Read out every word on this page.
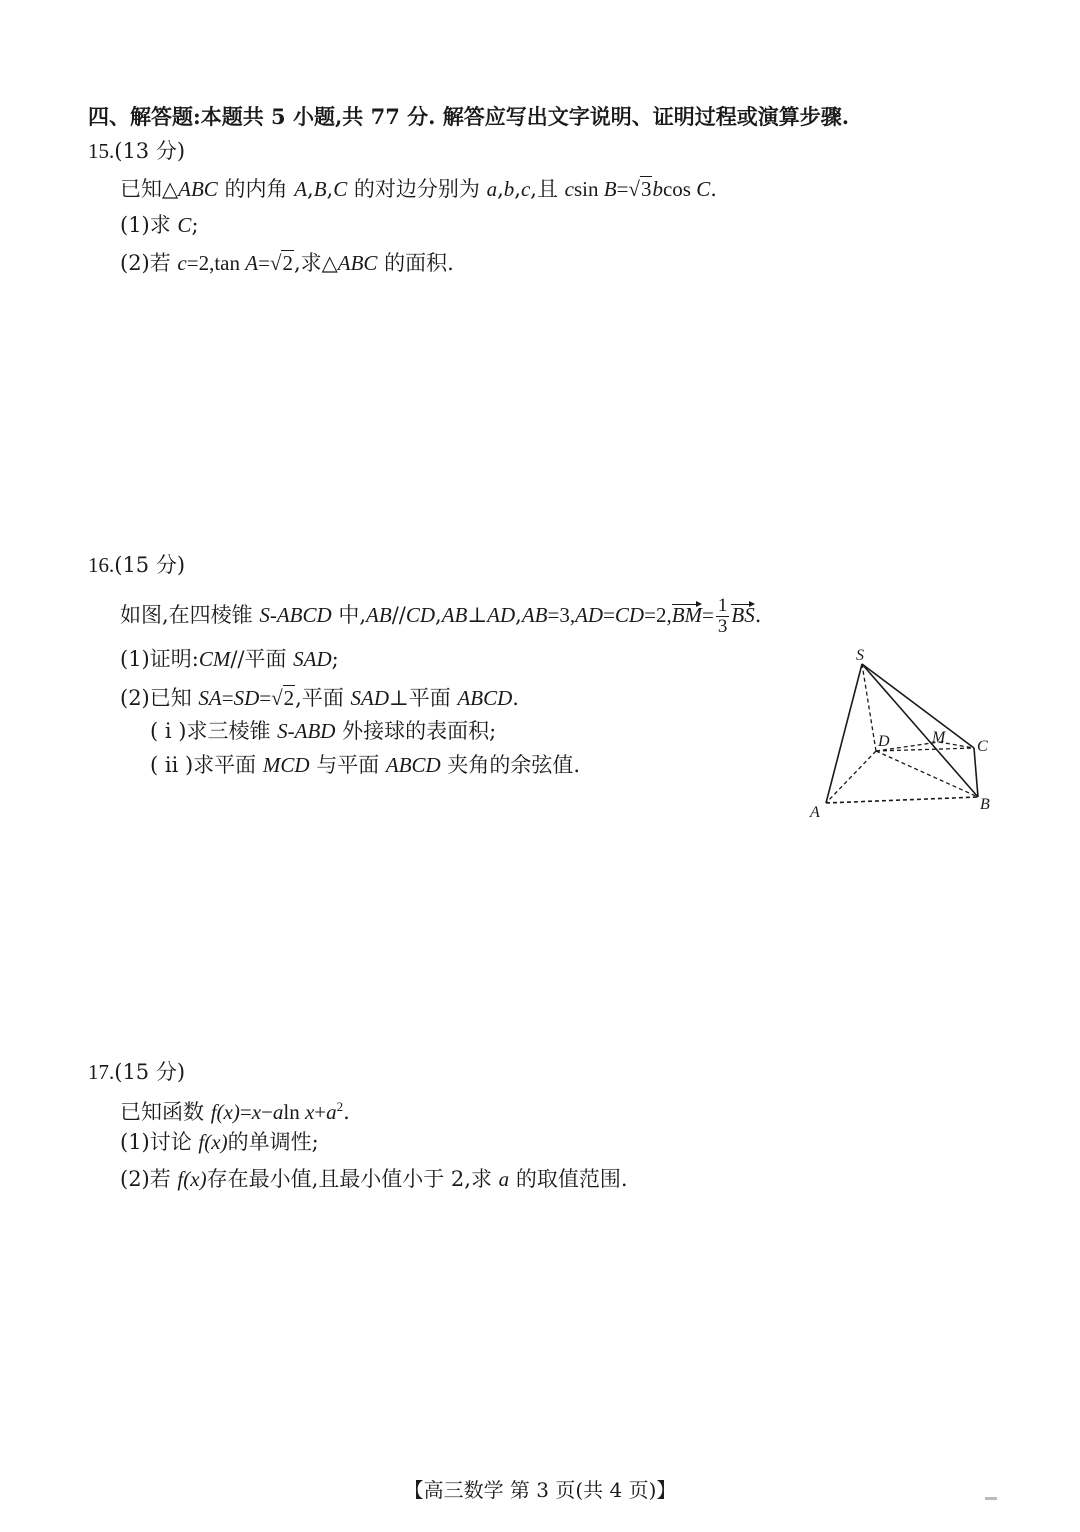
四、解答题:本题共 5 小题,共 77 分. 解答应写出文字说明、证明过程或演算步骤.
15.(13 分)
已知△ABC 的内角 A,B,C 的对边分别为 a,b,c,且 csin B=√3bcos C.
(1)求 C;
(2)若 c=2,tan A=√2,求△ABC 的面积.
16.(15 分)
如图,在四棱锥 S-ABCD 中,AB//CD,AB⊥AD,AB=3,AD=CD=2,BM= $\frac{1}{3}$ BS.
(1)证明:CM//平面 SAD;
(2)已知 SA=SD=√2,平面 SAD⊥平面 ABCD.
( ⅰ )求三棱锥 S-ABD 外接球的表面积;
( ⅱ )求平面 MCD 与平面 ABCD 夹角的余弦值.
S
D	M
C
A	B
17.(15 分)
已知函数 f(x)=x−aln $x+a^2$.
(1)讨论 f(x)的单调性;
(2)若 f(x)存在最小值,且最小值小于 2,求 a 的取值范围.
【高三数学 第 3 页(共 4 页)】
